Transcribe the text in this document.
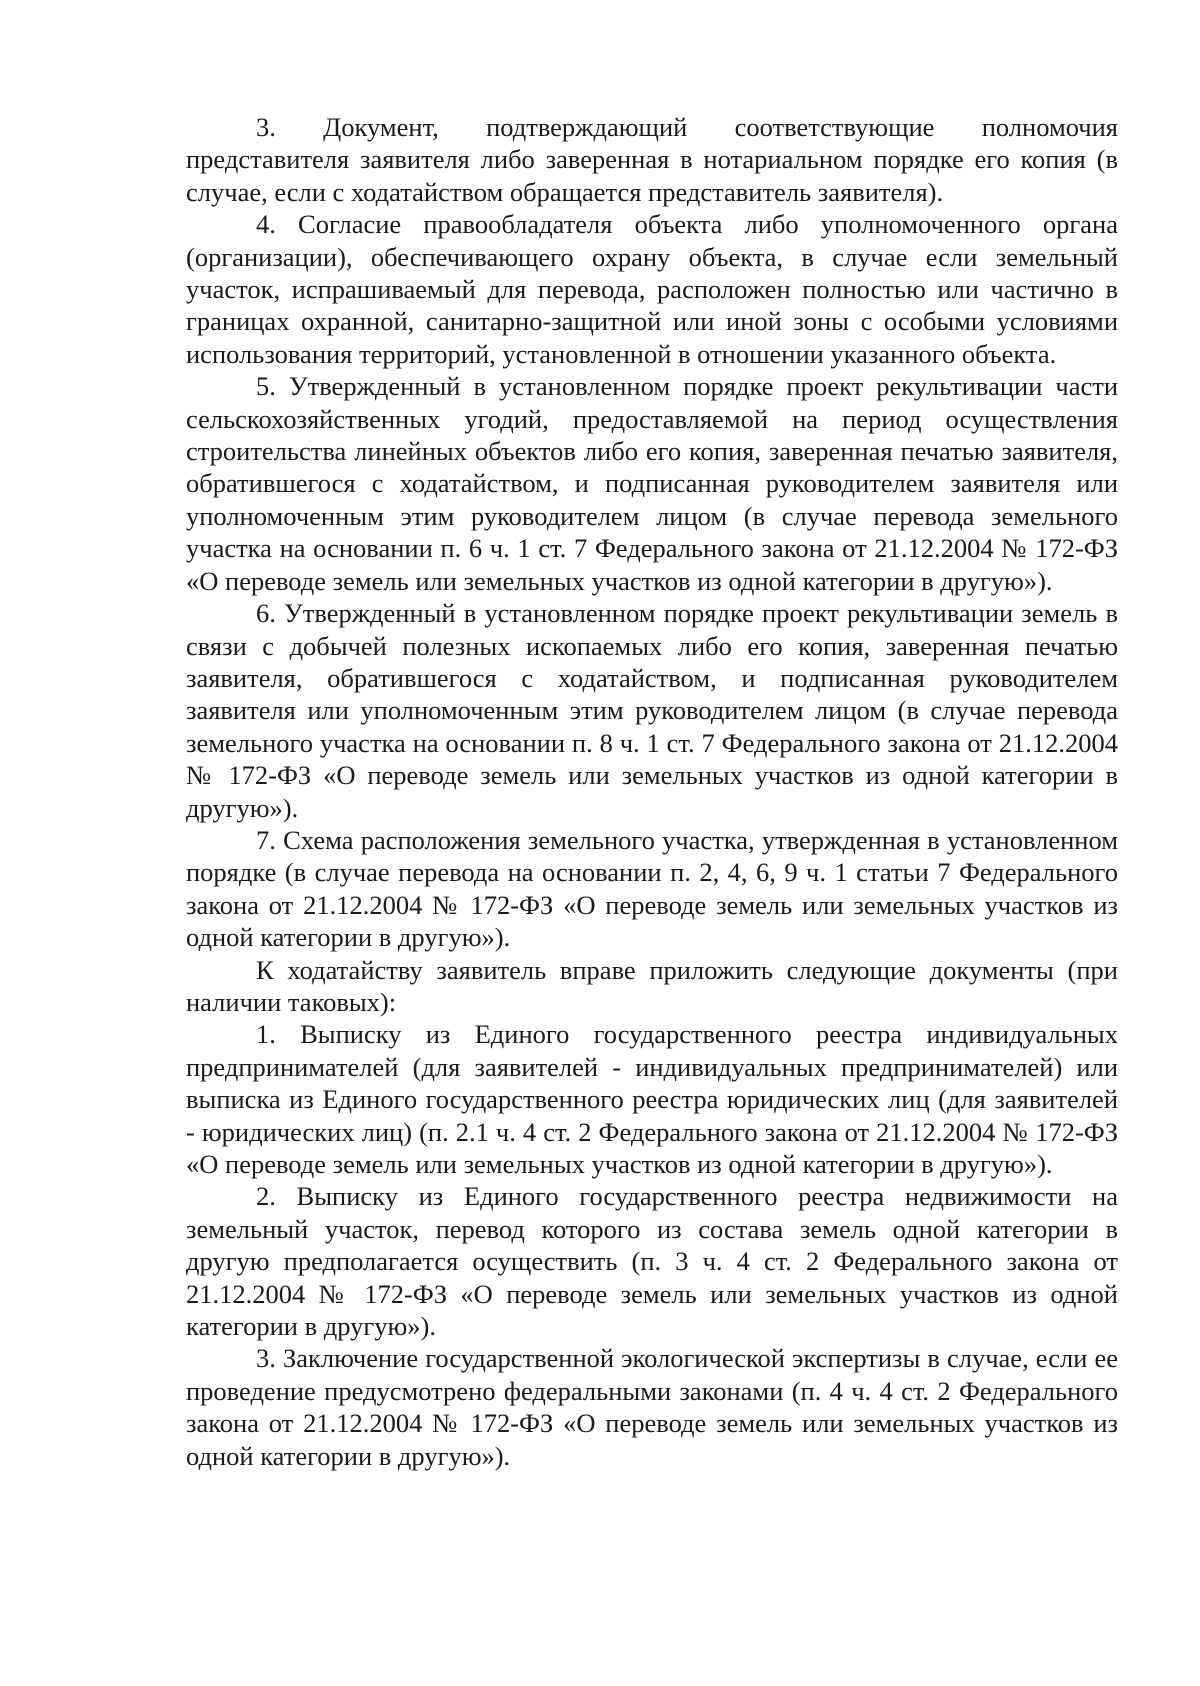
3. Документ, подтверждающий соответствующие полномочия представителя заявителя либо заверенная в нотариальном порядке его копия (в случае, если с ходатайством обращается представитель заявителя).

4. Согласие правообладателя объекта либо уполномоченного органа (организации), обеспечивающего охрану объекта, в случае если земельный участок, испрашиваемый для перевода, расположен полностью или частично в границах охранной, санитарно-защитной или иной зоны с особыми условиями использования территорий, установленной в отношении указанного объекта.

5. Утвержденный в установленном порядке проект рекультивации части сельскохозяйственных угодий, предоставляемой на период осуществления строительства линейных объектов либо его копия, заверенная печатью заявителя, обратившегося с ходатайством, и подписанная руководителем заявителя или уполномоченным этим руководителем лицом (в случае перевода земельного участка на основании п. 6 ч. 1 ст. 7 Федерального закона от 21.12.2004 № 172-ФЗ «О переводе земель или земельных участков из одной категории в другую»).

6. Утвержденный в установленном порядке проект рекультивации земель в связи с добычей полезных ископаемых либо его копия, заверенная печатью заявителя, обратившегося с ходатайством, и подписанная руководителем заявителя или уполномоченным этим руководителем лицом (в случае перевода земельного участка на основании п. 8 ч. 1 ст. 7 Федерального закона от 21.12.2004 № 172-ФЗ «О переводе земель или земельных участков из одной категории в другую»).

7. Схема расположения земельного участка, утвержденная в установленном порядке (в случае перевода на основании п. 2, 4, 6, 9 ч. 1 статьи 7 Федерального закона от 21.12.2004 № 172-ФЗ «О переводе земель или земельных участков из одной категории в другую»).

К ходатайству заявитель вправе приложить следующие документы (при наличии таковых):

1. Выписку из Единого государственного реестра индивидуальных предпринимателей (для заявителей - индивидуальных предпринимателей) или выписка из Единого государственного реестра юридических лиц (для заявителей - юридических лиц) (п. 2.1 ч. 4 ст. 2 Федерального закона от 21.12.2004 № 172-ФЗ «О переводе земель или земельных участков из одной категории в другую»).

2. Выписку из Единого государственного реестра недвижимости на земельный участок, перевод которого из состава земель одной категории в другую предполагается осуществить (п. 3 ч. 4 ст. 2 Федерального закона от 21.12.2004 № 172-ФЗ «О переводе земель или земельных участков из одной категории в другую»).

3. Заключение государственной экологической экспертизы в случае, если ее проведение предусмотрено федеральными законами (п. 4 ч. 4 ст. 2 Федерального закона от 21.12.2004 № 172-ФЗ «О переводе земель или земельных участков из одной категории в другую»).
